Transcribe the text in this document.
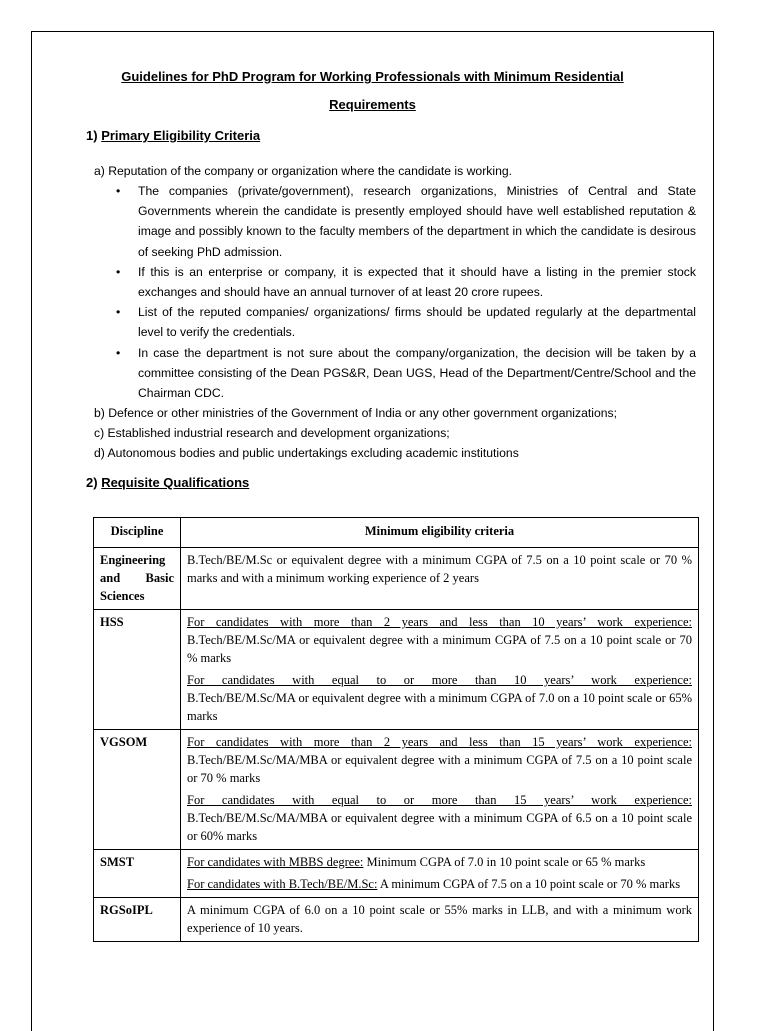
Guidelines for PhD Program for Working Professionals with Minimum Residential
Requirements
1) Primary Eligibility Criteria
a) Reputation of the company or organization where the candidate is working.
• The companies (private/government), research organizations, Ministries of Central and State Governments wherein the candidate is presently employed should have well established reputation & image and possibly known to the faculty members of the department in which the candidate is desirous of seeking PhD admission.
• If this is an enterprise or company, it is expected that it should have a listing in the premier stock exchanges and should have an annual turnover of at least 20 crore rupees.
• List of the reputed companies/ organizations/ firms should be updated regularly at the departmental level to verify the credentials.
• In case the department is not sure about the company/organization, the decision will be taken by a committee consisting of the Dean PGS&R, Dean UGS, Head of the Department/Centre/School and the Chairman CDC.
b) Defence or other ministries of the Government of India or any other government organizations;
c) Established industrial research and development organizations;
d) Autonomous bodies and public undertakings excluding academic institutions
2) Requisite Qualifications
Discipline	Minimum eligibility criteria
Engineering and Basic Sciences	B.Tech/BE/M.Sc or equivalent degree with a minimum CGPA of 7.5 on a 10 point scale or 70 % marks and with a minimum working experience of 2 years

HSS	For candidates with more than 2 years and less than 10 years’ work experience:
B.Tech/BE/M.Sc/MA or equivalent degree with a minimum CGPA of 7.5 on a 10 point scale or 70 % marks
For candidates with equal to or more than 10 years’ work experience:
B.Tech/BE/M.Sc/MA or equivalent degree with a minimum CGPA of 7.0 on a 10 point scale or 65% marks

VGSOM	For candidates with more than 2 years and less than 15 years’ work experience:
B.Tech/BE/M.Sc/MA/MBA or equivalent degree with a minimum CGPA of 7.5 on a 10 point scale or 70 % marks
For candidates with equal to or more than 15 years’ work experience:
B.Tech/BE/M.Sc/MA/MBA or equivalent degree with a minimum CGPA of 6.5 on a 10 point scale or 60% marks

SMST	For candidates with MBBS degree: Minimum CGPA of 7.0 in 10 point scale or 65 % marks
For candidates with B.Tech/BE/M.Sc: A minimum CGPA of 7.5 on a 10 point scale or 70 % marks

RGSoIPL	A minimum CGPA of 6.0 on a 10 point scale or 55% marks in LLB, and with a minimum work experience of 10 years.
